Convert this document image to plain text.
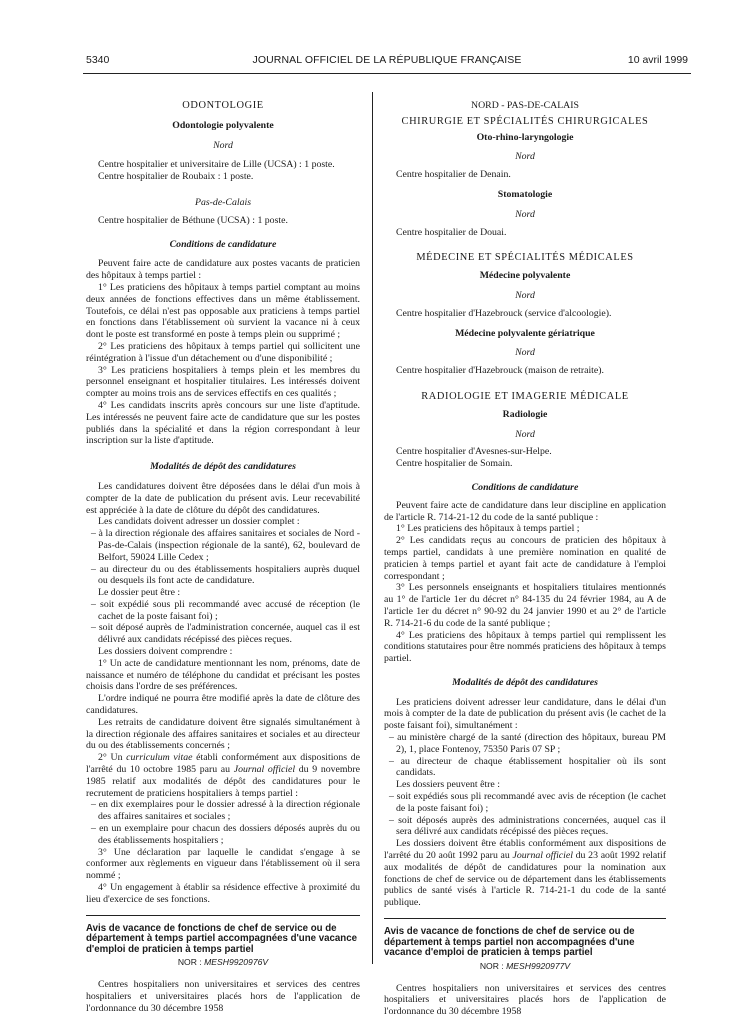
5340	JOURNAL OFFICIEL DE LA RÉPUBLIQUE FRANÇAISE	10 avril 1999

ODONTOLOGIE

Odontologie polyvalente

Nord

Centre hospitalier et universitaire de Lille (UCSA) : 1 poste.

Centre hospitalier de Roubaix : 1 poste.

Pas-de-Calais

Centre hospitalier de Béthune (UCSA) : 1 poste.

Conditions de candidature

Peuvent faire acte de candidature aux postes vacants de praticien des hôpitaux à temps partiel :

1° Les praticiens des hôpitaux à temps partiel comptant au moins deux années de fonctions effectives dans un même établissement. Toutefois, ce délai n'est pas opposable aux praticiens à temps partiel en fonctions dans l'établissement où survient la vacance ni à ceux dont le poste est transformé en poste à temps plein ou supprimé ;

2° Les praticiens des hôpitaux à temps partiel qui sollicitent une réintégration à l'issue d'un détachement ou d'une disponibilité ;

3° Les praticiens hospitaliers à temps plein et les membres du personnel enseignant et hospitalier titulaires. Les intéressés doivent compter au moins trois ans de services effectifs en ces qualités ;

4° Les candidats inscrits après concours sur une liste d'aptitude. Les intéressés ne peuvent faire acte de candidature que sur les postes publiés dans la spécialité et dans la région correspondant à leur inscription sur la liste d'aptitude.

Modalités de dépôt des candidatures

Les candidatures doivent être déposées dans le délai d'un mois à compter de la date de publication du présent avis. Leur recevabilité est appréciée à la date de clôture du dépôt des candidatures.

Les candidats doivent adresser un dossier complet :

– à la direction régionale des affaires sanitaires et sociales de Nord - Pas-de-Calais (inspection régionale de la santé), 62, boulevard de Belfort, 59024 Lille Cedex ;

– au directeur du ou des établissements hospitaliers auprès duquel ou desquels ils font acte de candidature.

Le dossier peut être :

– soit expédié sous pli recommandé avec accusé de réception (le cachet de la poste faisant foi) ;

– soit déposé auprès de l'administration concernée, auquel cas il est délivré aux candidats récépissé des pièces reçues.

Les dossiers doivent comprendre :

1° Un acte de candidature mentionnant les nom, prénoms, date de naissance et numéro de téléphone du candidat et précisant les postes choisis dans l'ordre de ses préférences.

L'ordre indiqué ne pourra être modifié après la date de clôture des candidatures.

Les retraits de candidature doivent être signalés simultanément à la direction régionale des affaires sanitaires et sociales et au directeur du ou des établissements concernés ;

2° Un curriculum vitae établi conformément aux dispositions de l'arrêté du 10 octobre 1985 paru au Journal officiel du 9 novembre 1985 relatif aux modalités de dépôt des candidatures pour le recrutement de praticiens hospitaliers à temps partiel :

– en dix exemplaires pour le dossier adressé à la direction régionale des affaires sanitaires et sociales ;

– en un exemplaire pour chacun des dossiers déposés auprès du ou des établissements hospitaliers ;

3° Une déclaration par laquelle le candidat s'engage à se conformer aux règlements en vigueur dans l'établissement où il sera nommé ;

4° Un engagement à établir sa résidence effective à proximité du lieu d'exercice de ses fonctions.

Avis de vacance de fonctions de chef de service ou de département à temps partiel accompagnées d'une vacance d'emploi de praticien à temps partiel

NOR : MESH9920976V

Centres hospitaliers non universitaires et services des centres hospitaliers et universitaires placés hors de l'application de l'ordonnance du 30 décembre 1958

NORD - PAS-DE-CALAIS

CHIRURGIE ET SPÉCIALITÉS CHIRURGICALES

Oto-rhino-laryngologie

Nord

Centre hospitalier de Denain.

Stomatologie

Nord

Centre hospitalier de Douai.

MÉDECINE ET SPÉCIALITÉS MÉDICALES

Médecine polyvalente

Nord

Centre hospitalier d'Hazebrouck (service d'alcoologie).

Médecine polyvalente gériatrique

Nord

Centre hospitalier d'Hazebrouck (maison de retraite).

RADIOLOGIE ET IMAGERIE MÉDICALE

Radiologie

Nord

Centre hospitalier d'Avesnes-sur-Helpe.

Centre hospitalier de Somain.

Conditions de candidature

Peuvent faire acte de candidature dans leur discipline en application de l'article R. 714-21-12 du code de la santé publique :

1° Les praticiens des hôpitaux à temps partiel ;

2° Les candidats reçus au concours de praticien des hôpitaux à temps partiel, candidats à une première nomination en qualité de praticien à temps partiel et ayant fait acte de candidature à l'emploi correspondant ;

3° Les personnels enseignants et hospitaliers titulaires mentionnés au 1° de l'article 1er du décret n° 84-135 du 24 février 1984, au A de l'article 1er du décret n° 90-92 du 24 janvier 1990 et au 2° de l'article R. 714-21-6 du code de la santé publique ;

4° Les praticiens des hôpitaux à temps partiel qui remplissent les conditions statutaires pour être nommés praticiens des hôpitaux à temps partiel.

Modalités de dépôt des candidatures

Les praticiens doivent adresser leur candidature, dans le délai d'un mois à compter de la date de publication du présent avis (le cachet de la poste faisant foi), simultanément :

– au ministère chargé de la santé (direction des hôpitaux, bureau PM 2), 1, place Fontenoy, 75350 Paris 07 SP ;

– au directeur de chaque établissement hospitalier où ils sont candidats.

Les dossiers peuvent être :

– soit expédiés sous pli recommandé avec avis de réception (le cachet de la poste faisant foi) ;

– soit déposés auprès des administrations concernées, auquel cas il sera délivré aux candidats récépissé des pièces reçues.

Les dossiers doivent être établis conformément aux dispositions de l'arrêté du 20 août 1992 paru au Journal officiel du 23 août 1992 relatif aux modalités de dépôt de candidatures pour la nomination aux fonctions de chef de service ou de département dans les établissements publics de santé visés à l'article R. 714-21-1 du code de la santé publique.

Avis de vacance de fonctions de chef de service ou de département à temps partiel non accompagnées d'une vacance d'emploi de praticien à temps partiel

NOR : MESH9920977V

Centres hospitaliers non universitaires et services des centres hospitaliers et universitaires placés hors de l'application de l'ordonnance du 30 décembre 1958
